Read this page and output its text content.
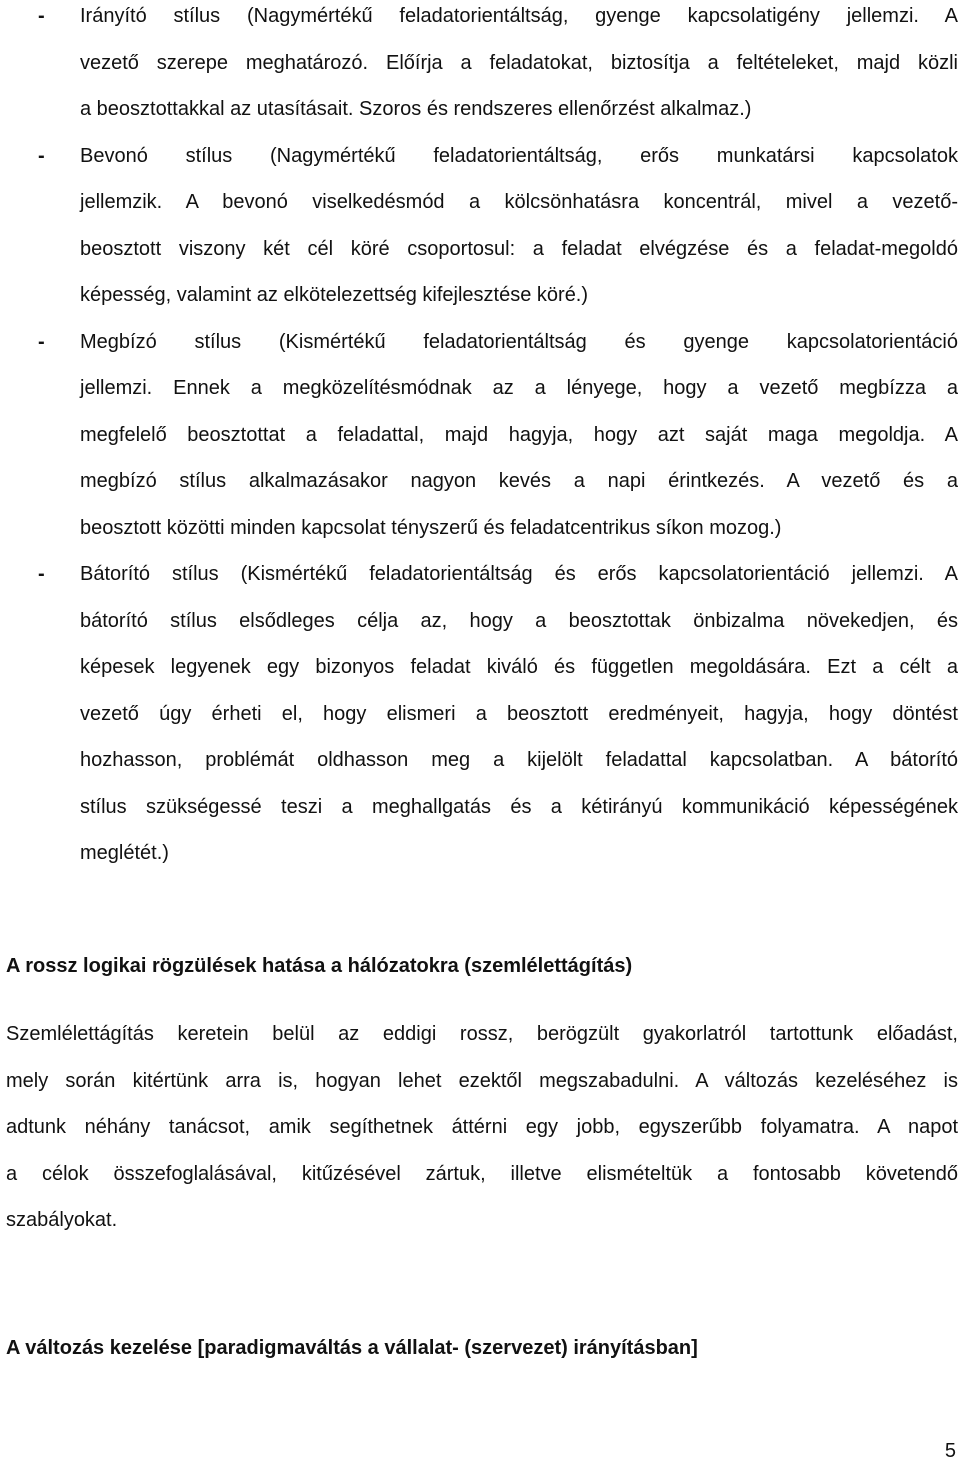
- Irányító stílus (Nagymértékű feladatorientáltság, gyenge kapcsolatigény jellemzi. A
vezető szerepe meghatározó. Előírja a feladatokat, biztosítja a feltételeket, majd közli
a beosztottakkal az utasításait. Szoros és rendszeres ellenőrzést alkalmaz.)
- Bevonó stílus (Nagymértékű feladatorientáltság, erős munkatársi kapcsolatok
jellemzik. A bevonó viselkedésmód a kölcsönhatásra koncentrál, mivel a vezető-
beosztott viszony két cél köré csoportosul: a feladat elvégzése és a feladat-megoldó
képesség, valamint az elkötelezettség kifejlesztése köré.)
- Megbízó stílus (Kismértékű feladatorientáltság és gyenge kapcsolatorientáció
jellemzi. Ennek a megközelítésmódnak az a lényege, hogy a vezető megbízza a
megfelelő beosztottat a feladattal, majd hagyja, hogy azt saját maga megoldja. A
megbízó stílus alkalmazásakor nagyon kevés a napi érintkezés. A vezető és a
beosztott közötti minden kapcsolat tényszerű és feladatcentrikus síkon mozog.)
- Bátorító stílus (Kismértékű feladatorientáltság és erős kapcsolatorientáció jellemzi. A
bátorító stílus elsődleges célja az, hogy a beosztottak önbizalma növekedjen, és
képesek legyenek egy bizonyos feladat kiváló és független megoldására. Ezt a célt a
vezető úgy érheti el, hogy elismeri a beosztott eredményeit, hagyja, hogy döntést
hozhasson, problémát oldhasson meg a kijelölt feladattal kapcsolatban. A bátorító
stílus szükségessé teszi a meghallgatás és a kétirányú kommunikáció képességének
meglétét.)
A rossz logikai rögzülések hatása a hálózatokra (szemlélettágítás)
Szemlélettágítás keretein belül az eddigi rossz, berögzült gyakorlatról tartottunk előadást,
mely során kitértünk arra is, hogyan lehet ezektől megszabadulni. A változás kezeléséhez is
adtunk néhány tanácsot, amik segíthetnek áttérni egy jobb, egyszerűbb folyamatra. A napot
a célok összefoglalásával, kitűzésével zártuk, illetve elismételtük a fontosabb követendő
szabályokat.
A változás kezelése [paradigmaváltás a vállalat- (szervezet) irányításban]
5
